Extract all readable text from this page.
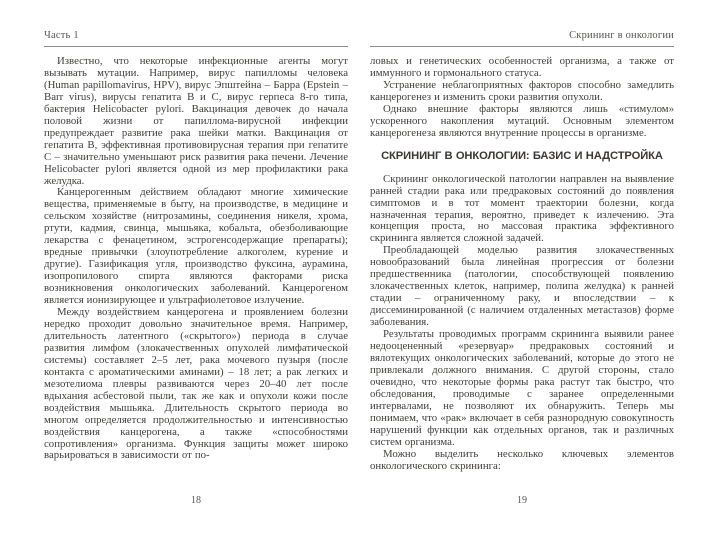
Часть 1

Известно, что некоторые инфекционные агенты могут вызывать мутации. Например, вирус папилломы человека (Human papillomavirus, HPV), вирус Эпштейна – Барра (Epstein – Barr virus), вирусы гепатита В и С, вирус герпеса 8-го типа, бактерия Helicobacter pylori. Вакцинация девочек до начала половой жизни от папиллома-вирусной инфекции предупреждает развитие рака шейки матки. Вакцинация от гепатита В, эффективная противовирусная терапия при гепатите С – значительно уменьшают риск развития рака печени. Лечение Helicobacter pylori является одной из мер профилактики рака желудка.

Канцерогенным действием обладают многие химические вещества, применяемые в быту, на производстве, в медицине и сельском хозяйстве (нитрозамины, соединения никеля, хрома, ртути, кадмия, свинца, мышьяка, кобальта, обезболивающие лекарства с фенацетином, эстрогенсодержащие препараты); вредные привычки (злоупотребление алкоголем, курение и другие). Газификация угля, производство фуксина, аурамина, изопропилового спирта являются факторами риска возникновения онкологических заболеваний. Канцерогеном является ионизирующее и ультрафиолетовое излучение.

Между воздействием канцерогена и проявлением болезни нередко проходит довольно значительное время. Например, длительность латентного («скрытого») периода в случае развития лимфом (злокачественных опухолей лимфатической системы) составляет 2–5 лет, рака мочевого пузыря (после контакта с ароматическими аминами) – 18 лет; а рак легких и мезотелиома плевры развиваются через 20–40 лет после вдыхания асбестовой пыли, так же как и опухоли кожи после воздействия мышьяка. Длительность скрытого периода во многом определяется продолжительностью и интенсивностью воздействия канцерогена, а также «способностями сопротивления» организма. Функция защиты может широко варьироваться в зависимости от по-

18
Скрининг в онкологии

ловых и генетических особенностей организма, а также от иммунного и гормонального статуса.

Устранение неблагоприятных факторов способно замедлить канцерогенез и изменить сроки развития опухоли.

Однако внешние факторы являются лишь «стимулом» ускоренного накопления мутаций. Основным элементом канцерогенеза являются внутренние процессы в организме.

СКРИНИНГ В ОНКОЛОГИИ: БАЗИС И НАДСТРОЙКА

Скрининг онкологической патологии направлен на выявление ранней стадии рака или предраковых состояний до появления симптомов и в тот момент траектории болезни, когда назначенная терапия, вероятно, приведет к излечению. Эта концепция проста, но массовая практика эффективного скрининга является сложной задачей.

Преобладающей моделью развития злокачественных новообразований была линейная прогрессия от болезни предшественника (патологии, способствующей появлению злокачественных клеток, например, полипа желудка) к ранней стадии – ограниченному раку, и впоследствии – к диссеминированной (с наличием отдаленных метастазов) форме заболевания.

Результаты проводимых программ скрининга выявили ранее недооцененный «резервуар» предраковых состояний и вялотекущих онкологических заболеваний, которые до этого не привлекали должного внимания. С другой стороны, стало очевидно, что некоторые формы рака растут так быстро, что обследования, проводимые с заранее определенными интервалами, не позволяют их обнаружить. Теперь мы понимаем, что «рак» включает в себя разнородную совокупность нарушений функции как отдельных органов, так и различных систем организма.

Можно выделить несколько ключевых элементов онкологического скрининга:

19
